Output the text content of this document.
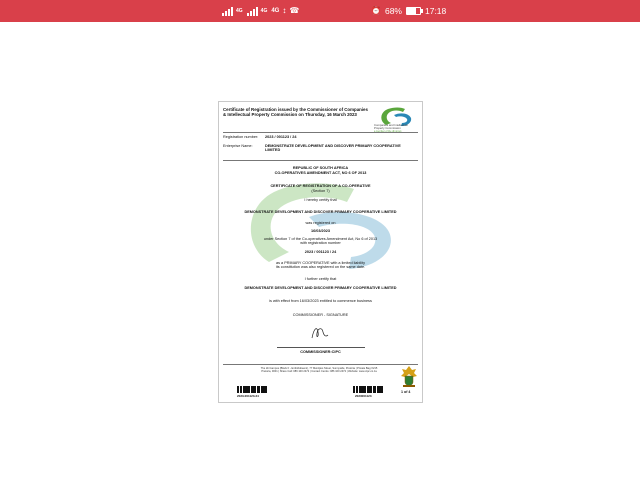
4G	4G 4G ↕ ☎	⏰ 68%	17:18
Certificate of Registration issued by the Commissioner of Companies & Intellectual Property Commission on Thursday, 16 March 2023
Companies and Intellectual
Property Commission
a member of the dti group
Registration number: 2023 / 001123 / 24
Enterprise Name:	DEMONSTRATE DEVELOPMENT AND DISCOVER PRIMARY COOPERATIVE LIMITED
REPUBLIC OF SOUTH AFRICA
CO-OPERATIVES AMENDMENT ACT, NO 6 OF 2013
CERTIFICATE OF REGISTRATION OF A CO-OPERATIVE
(Section 7)
I hereby certify that
DEMONSTRATE DEVELOPMENT AND DISCOVER PRIMARY COOPERATIVE LIMITED
was registered on
16/03/2023
under Section 7 of the Co-operatives Amendment Act, No 6 of 2013
with registration number
2023 / 001123 / 24
as a PRIMARY COOPERATIVE with a limited liability
its constitution was also registered on the same date.
I further certify that
DEMONSTRATE DEVELOPMENT AND DISCOVER PRIMARY COOPERATIVE LIMITED
is with effect from 16/03/2023 entitled to commence business
COMMISSIONER - SIGNATURE
COMMISSIONER:CIPC
The dti Campus (Block F - Entfutfukweni), 77 Meintjies Street, Sunnyside, Pretoria | Private Bag X215
Pretoria, 0001 | Share Call: 086 100 2472 | Contact Centre: 086 100 2472 | Website: www.cipc.co.za
1 of 4
2023-001123-24	2023001123
